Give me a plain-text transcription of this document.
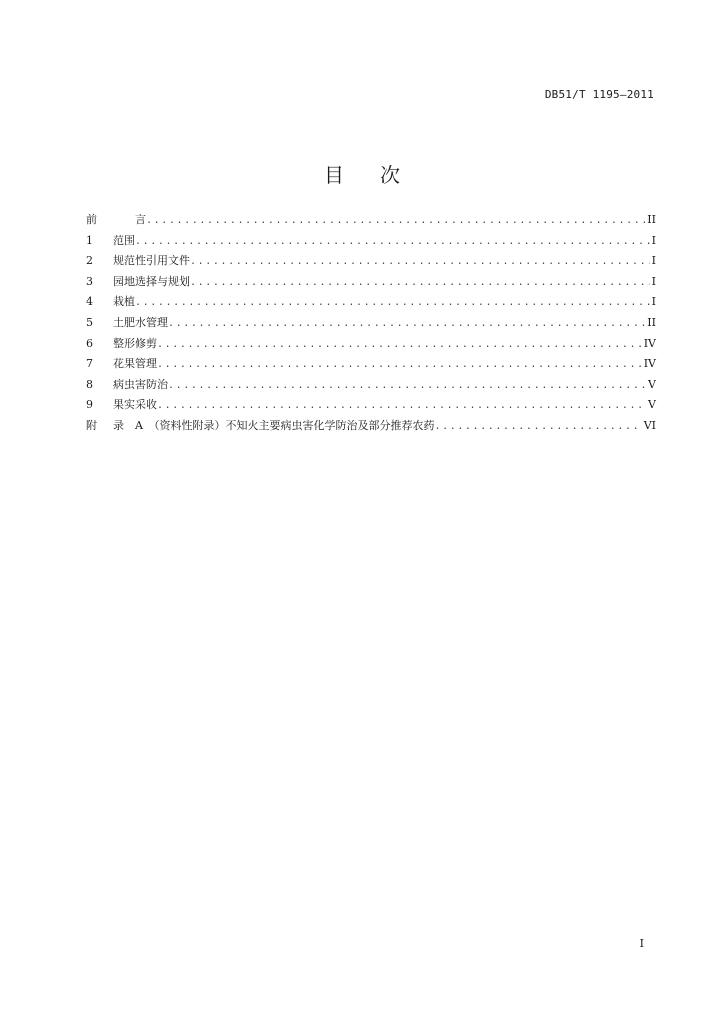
DB51/T 1195—2011
目 次
前	言 .....	II
1	范围 .....	I
2	规范性引用文件 .....	I
3	园地选择与规划 .....	I
4	栽植 .....	I
5	土肥水管理 .....	II
6	整形修剪 .....	IV
7	花果管理 .....	IV
8	病虫害防治 .....	V
9	果实采收 .....	V
附	录　A　（资料性附录）不知火主要病虫害化学防治及部分推荐农药 .....	VI
I
